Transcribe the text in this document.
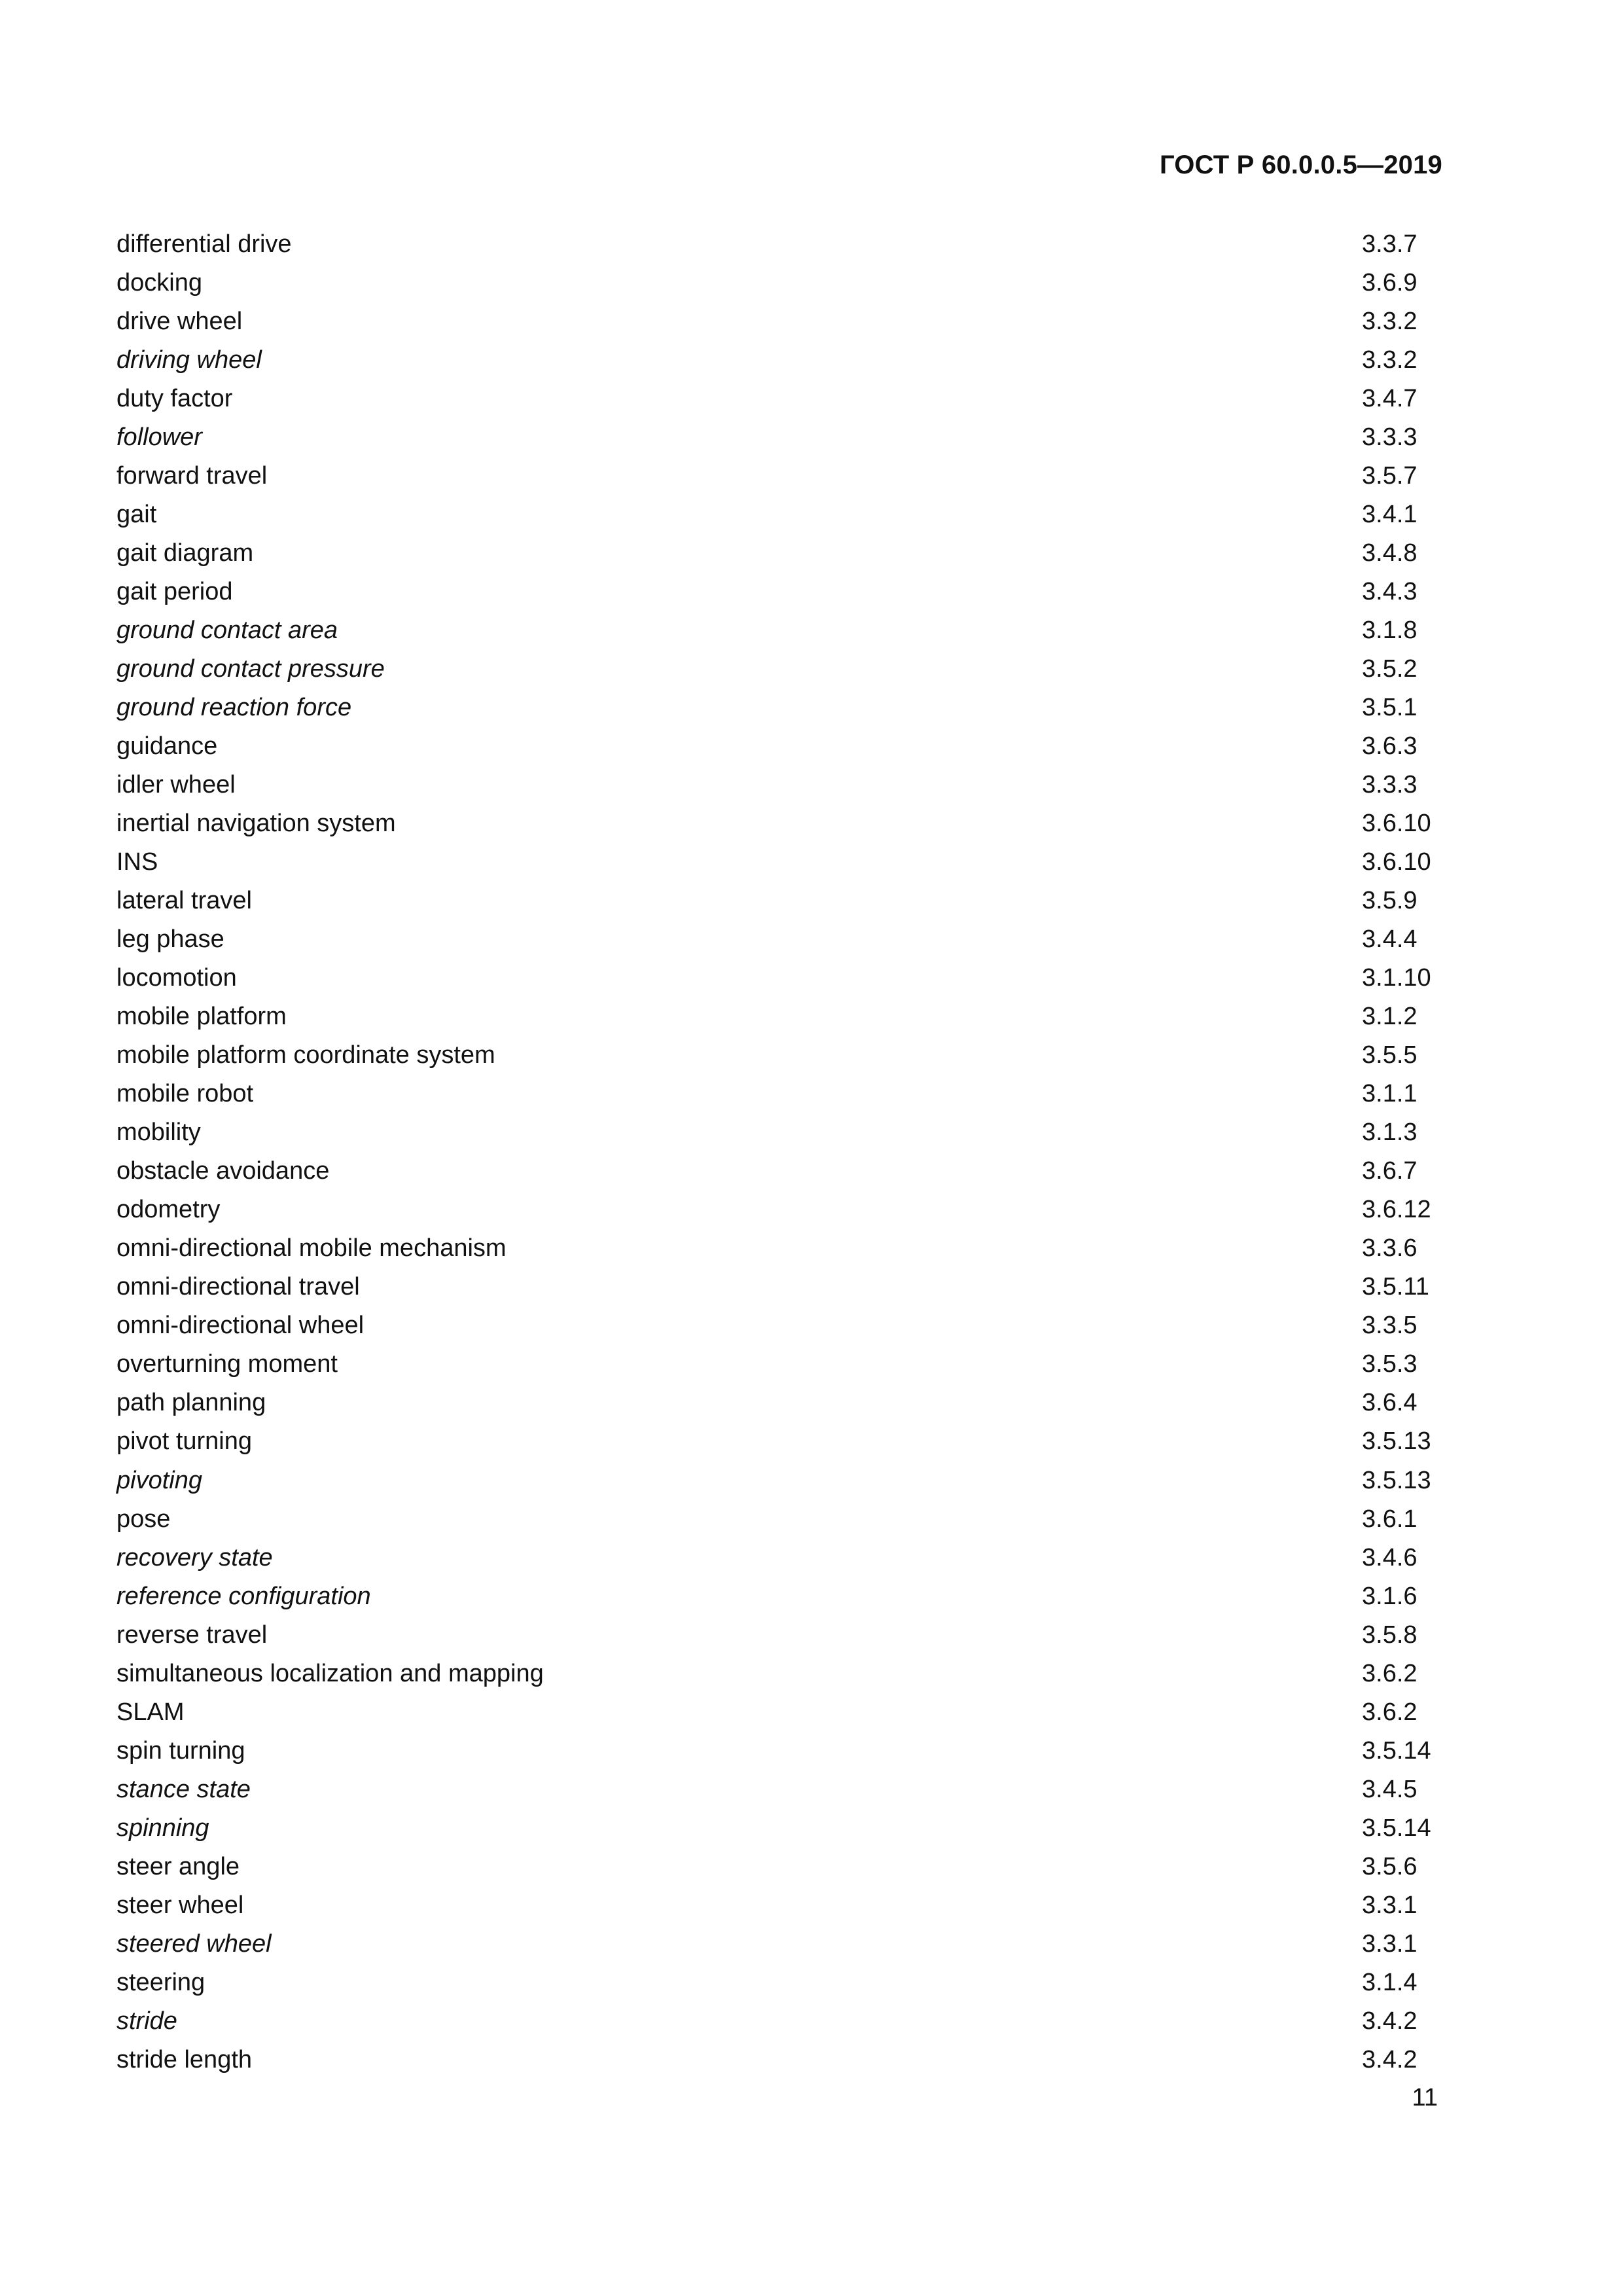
ГОСТ Р 60.0.0.5—2019
differential drive	3.3.7
docking	3.6.9
drive wheel	3.3.2
driving wheel	3.3.2
duty factor	3.4.7
follower	3.3.3
forward travel	3.5.7
gait	3.4.1
gait diagram	3.4.8
gait period	3.4.3
ground contact area	3.1.8
ground contact pressure	3.5.2
ground reaction force	3.5.1
guidance	3.6.3
idler wheel	3.3.3
inertial navigation system	3.6.10
INS	3.6.10
lateral travel	3.5.9
leg phase	3.4.4
locomotion	3.1.10
mobile platform	3.1.2
mobile platform coordinate system	3.5.5
mobile robot	3.1.1
mobility	3.1.3
obstacle avoidance	3.6.7
odometry	3.6.12
omni-directional mobile mechanism	3.3.6
omni-directional travel	3.5.11
omni-directional wheel	3.3.5
overturning moment	3.5.3
path planning	3.6.4
pivot turning	3.5.13
pivoting	3.5.13
pose	3.6.1
recovery state	3.4.6
reference configuration	3.1.6
reverse travel	3.5.8
simultaneous localization and mapping	3.6.2
SLAM	3.6.2
spin turning	3.5.14
stance state	3.4.5
spinning	3.5.14
steer angle	3.5.6
steer wheel	3.3.1
steered wheel	3.3.1
steering	3.1.4
stride	3.4.2
stride length	3.4.2
11
